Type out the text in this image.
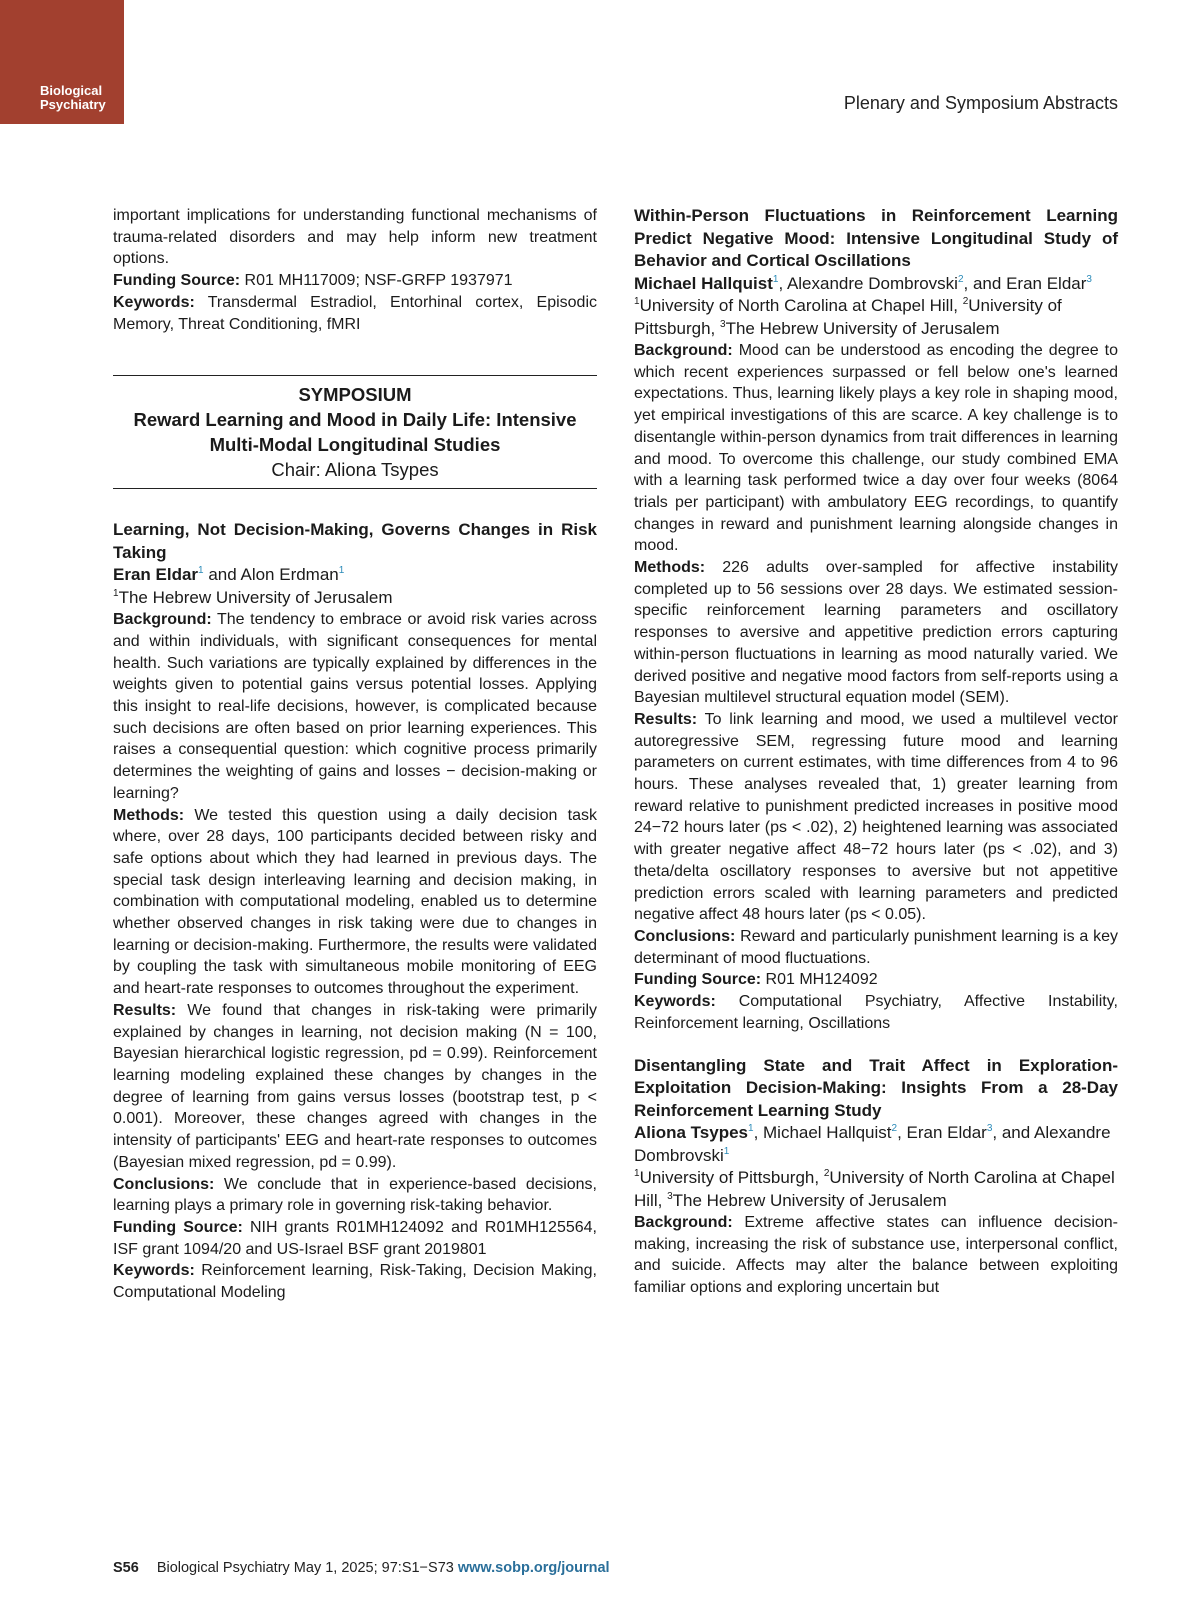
Biological
Psychiatry	Plenary and Symposium Abstracts

important implications for understanding functional mechanisms of trauma-related disorders and may help inform new treatment options.

Funding Source: R01 MH117009; NSF-GRFP 1937971

Keywords: Transdermal Estradiol, Entorhinal cortex, Episodic Memory, Threat Conditioning, fMRI

SYMPOSIUM
Reward Learning and Mood in Daily Life: Intensive
Multi-Modal Longitudinal Studies
Chair: Aliona Tsypes

Learning, Not Decision-Making, Governs Changes in Risk Taking

Eran Eldar$^1$ and Alon Erdman$^1$

$^1$The Hebrew University of Jerusalem

Background: The tendency to embrace or avoid risk varies across and within individuals, with significant consequences for mental health. Such variations are typically explained by differences in the weights given to potential gains versus potential losses. Applying this insight to real-life decisions, however, is complicated because such decisions are often based on prior learning experiences. This raises a consequential question: which cognitive process primarily determines the weighting of gains and losses − decision-making or learning?

Methods: We tested this question using a daily decision task where, over 28 days, 100 participants decided between risky and safe options about which they had learned in previous days. The special task design interleaving learning and decision making, in combination with computational modeling, enabled us to determine whether observed changes in risk taking were due to changes in learning or decision-making. Furthermore, the results were validated by coupling the task with simultaneous mobile monitoring of EEG and heart-rate responses to outcomes throughout the experiment.

Results: We found that changes in risk-taking were primarily explained by changes in learning, not decision making (N = 100, Bayesian hierarchical logistic regression, pd = 0.99). Reinforcement learning modeling explained these changes by changes in the degree of learning from gains versus losses (bootstrap test, p < 0.001). Moreover, these changes agreed with changes in the intensity of participants' EEG and heart-rate responses to outcomes (Bayesian mixed regression, pd = 0.99).

Conclusions: We conclude that in experience-based decisions, learning plays a primary role in governing risk-taking behavior.

Funding Source: NIH grants R01MH124092 and R01MH125564, ISF grant 1094/20 and US-Israel BSF grant 2019801

Keywords: Reinforcement learning, Risk-Taking, Decision Making, Computational Modeling

Within-Person Fluctuations in Reinforcement Learning Predict Negative Mood: Intensive Longitudinal Study of Behavior and Cortical Oscillations

Michael Hallquist$^1$, Alexandre Dombrovski$^2$, and Eran Eldar$^3$

$^1$University of North Carolina at Chapel Hill, $^2$University of Pittsburgh, $^3$The Hebrew University of Jerusalem

Background: Mood can be understood as encoding the degree to which recent experiences surpassed or fell below one's learned expectations. Thus, learning likely plays a key role in shaping mood, yet empirical investigations of this are scarce. A key challenge is to disentangle within-person dynamics from trait differences in learning and mood. To overcome this challenge, our study combined EMA with a learning task performed twice a day over four weeks (8064 trials per participant) with ambulatory EEG recordings, to quantify changes in reward and punishment learning alongside changes in mood.

Methods: 226 adults over-sampled for affective instability completed up to 56 sessions over 28 days. We estimated session-specific reinforcement learning parameters and oscillatory responses to aversive and appetitive prediction errors capturing within-person fluctuations in learning as mood naturally varied. We derived positive and negative mood factors from self-reports using a Bayesian multilevel structural equation model (SEM).

Results: To link learning and mood, we used a multilevel vector autoregressive SEM, regressing future mood and learning parameters on current estimates, with time differences from 4 to 96 hours. These analyses revealed that, 1) greater learning from reward relative to punishment predicted increases in positive mood 24−72 hours later (ps < .02), 2) heightened learning was associated with greater negative affect 48−72 hours later (ps < .02), and 3) theta/delta oscillatory responses to aversive but not appetitive prediction errors scaled with learning parameters and predicted negative affect 48 hours later (ps < 0.05).

Conclusions: Reward and particularly punishment learning is a key determinant of mood fluctuations.

Funding Source: R01 MH124092

Keywords: Computational Psychiatry, Affective Instability, Reinforcement learning, Oscillations

Disentangling State and Trait Affect in Exploration-Exploitation Decision-Making: Insights From a 28-Day Reinforcement Learning Study

Aliona Tsypes$^1$, Michael Hallquist$^2$, Eran Eldar$^3$, and Alexandre Dombrovski$^1$

$^1$University of Pittsburgh, $^2$University of North Carolina at Chapel Hill, $^3$The Hebrew University of Jerusalem

Background: Extreme affective states can influence decision-making, increasing the risk of substance use, interpersonal conflict, and suicide. Affects may alter the balance between exploiting familiar options and exploring uncertain but

S56 Biological Psychiatry May 1, 2025; 97:S1−S73 www.sobp.org/journal
